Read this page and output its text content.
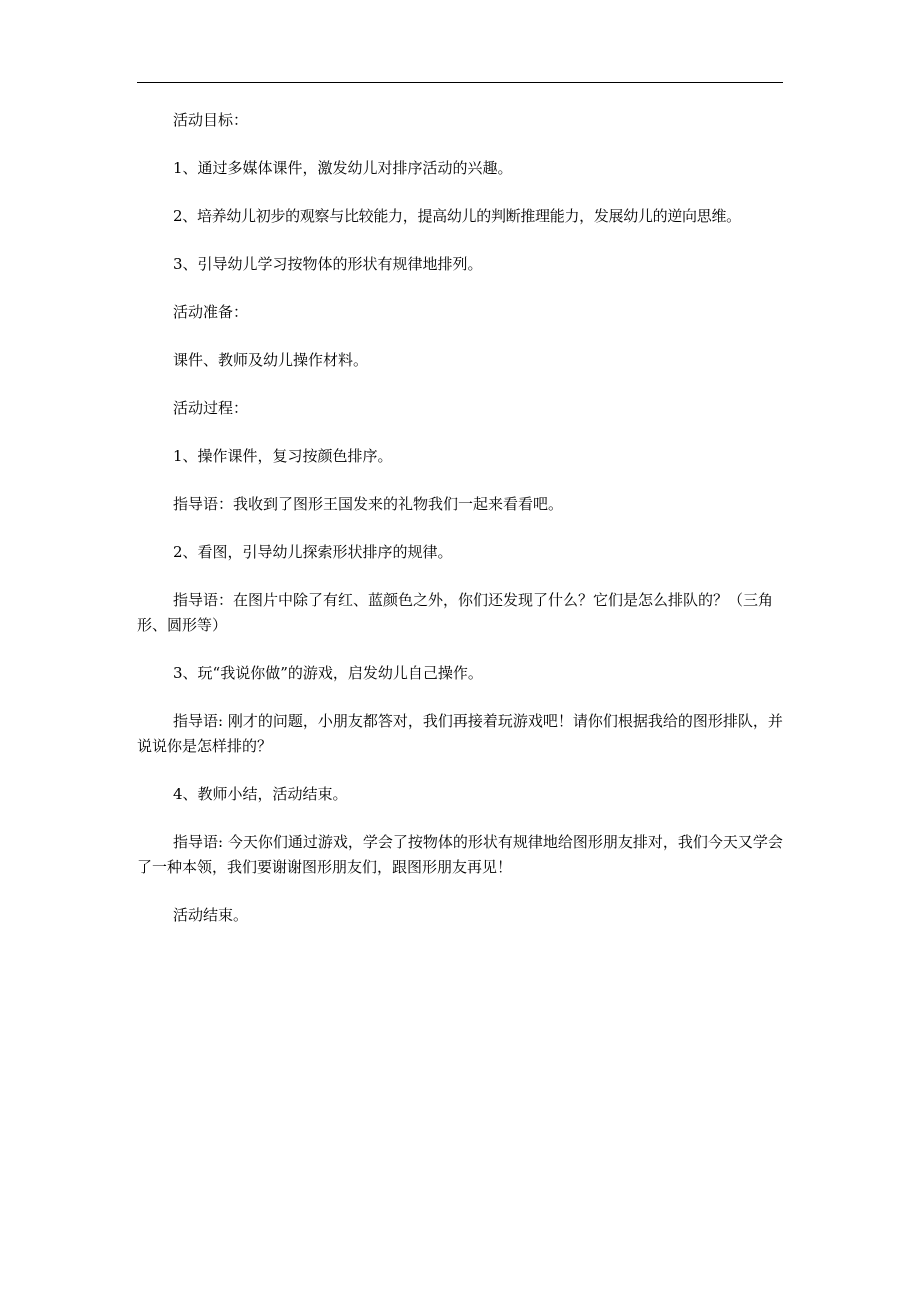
活动目标：

1、通过多媒体课件，激发幼儿对排序活动的兴趣。

2、培养幼儿初步的观察与比较能力，提高幼儿的判断推理能力，发展幼儿的逆向思维。

3、引导幼儿学习按物体的形状有规律地排列。

活动准备：

课件、教师及幼儿操作材料。

活动过程：

1、操作课件，复习按颜色排序。

指导语：我收到了图形王国发来的礼物我们一起来看看吧。

2、看图，引导幼儿探索形状排序的规律。

指导语：在图片中除了有红、蓝颜色之外，你们还发现了什么？它们是怎么排队的？（三角形、圆形等）

3、玩“我说你做”的游戏，启发幼儿自己操作。

指导语: 刚才的问题，小朋友都答对，我们再接着玩游戏吧！请你们根据我给的图形排队，并说说你是怎样排的？

4、教师小结，活动结束。

指导语: 今天你们通过游戏，学会了按物体的形状有规律地给图形朋友排对，我们今天又学会了一种本领，我们要谢谢图形朋友们，跟图形朋友再见！

活动结束。
